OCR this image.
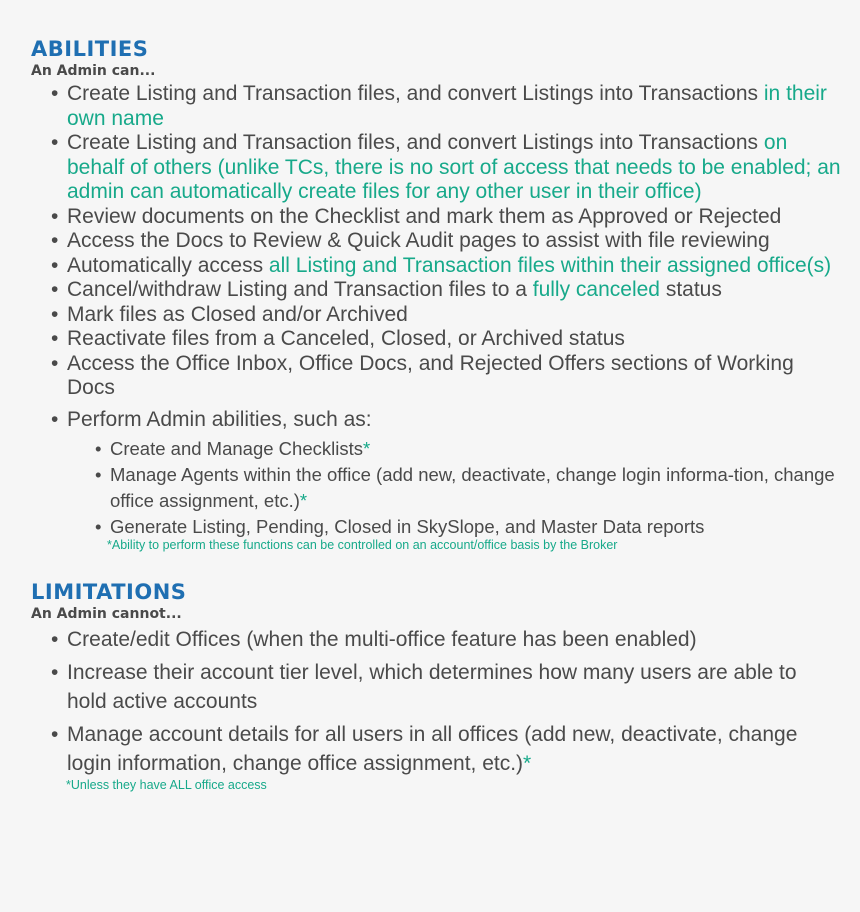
ABILITIES

An Admin can...

• Create Listing and Transaction files, and convert Listings into Transactions in their own name
• Create Listing and Transaction files, and convert Listings into Transactions on behalf of others (unlike TCs, there is no sort of access that needs to be enabled; an admin can automatically create files for any other user in their office)
• Review documents on the Checklist and mark them as Approved or Rejected
• Access the Docs to Review & Quick Audit pages to assist with file reviewing
• Automatically access all Listing and Transaction files within their assigned office(s)
• Cancel/withdraw Listing and Transaction files to a fully canceled status
• Mark files as Closed and/or Archived
• Reactivate files from a Canceled, Closed, or Archived status
• Access the Office Inbox, Office Docs, and Rejected Offers sections of Working Docs
• Perform Admin abilities, such as:
• Create and Manage Checklists*
• Manage Agents within the office (add new, deactivate, change login informa-tion, change office assignment, etc.)*
• Generate Listing, Pending, Closed in SkySlope, and Master Data reports
*Ability to perform these functions can be controlled on an account/office basis by the Broker
LIMITATIONS

An Admin cannot...

• Create/edit Offices (when the multi-office feature has been enabled)
• Increase their account tier level, which determines how many users are able to hold active accounts
• Manage account details for all users in all offices (add new, deactivate, change login information, change office assignment, etc.)*
*Unless they have ALL office access
